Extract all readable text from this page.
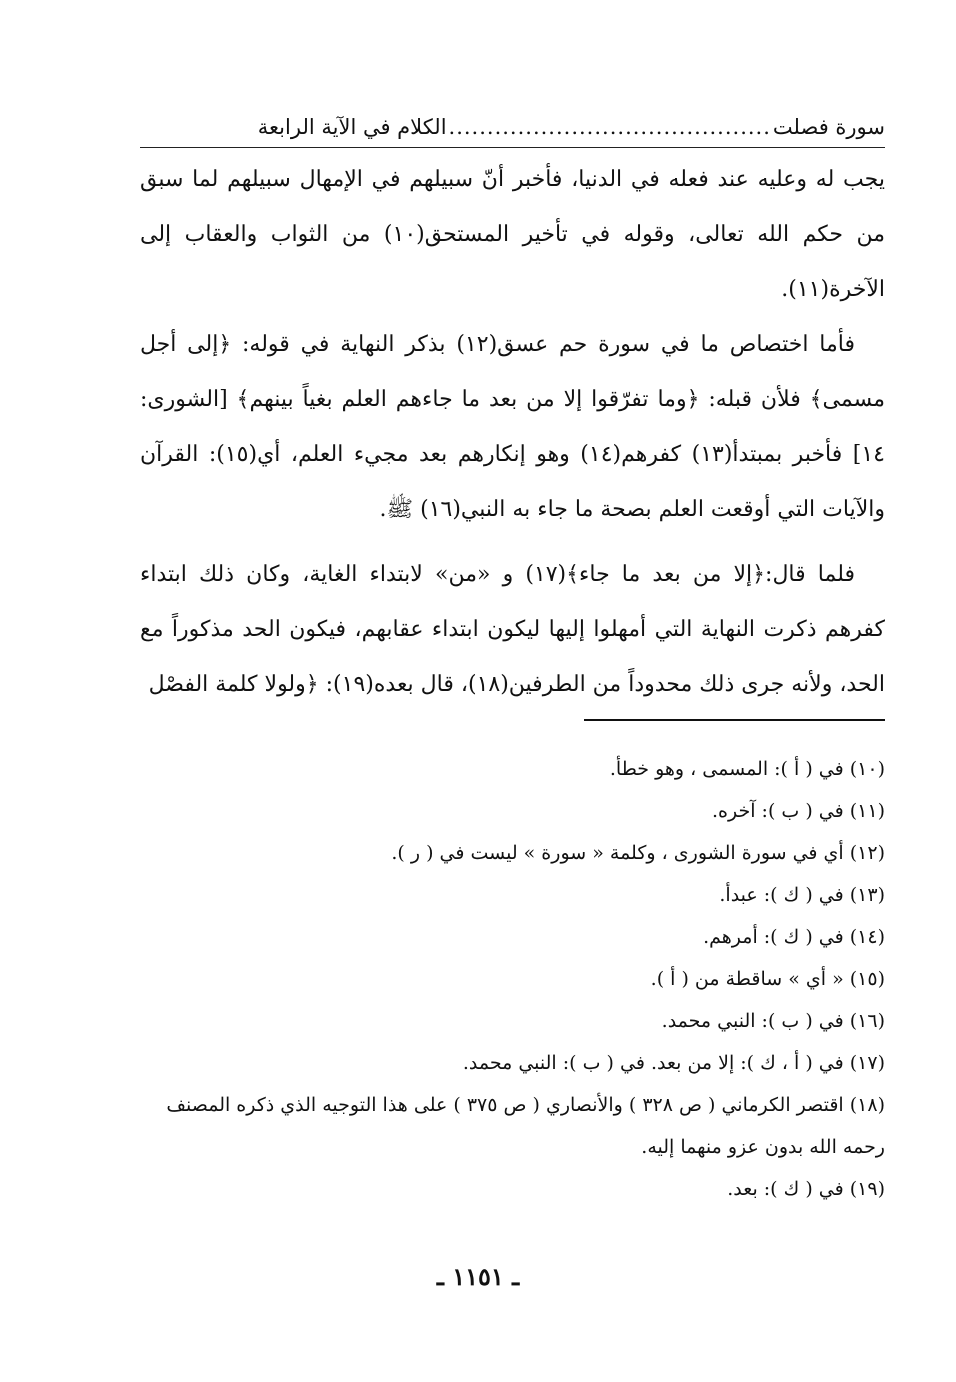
سورة فصلت
..........................................
الكلام في الآية الرابعة

يجب له وعليه عند فعله في الدنيا، فأخبر أنّ سبيلهم في الإمهال سبيلهم لما سبق من حكم الله تعالى، وقوله في تأخير المستحق(١٠) من الثواب والعقاب إلى الآخرة(١١).

فأما اختصاص ما في سورة حم عسق(١٢) بذكر النهاية في قوله: ﴿إلى أجل مسمى﴾ فلأن قبله: ﴿وما تفرّقوا إلا من بعد ما جاءهم العلم بغياً بينهم﴾ [الشورى: ١٤] فأخبر بمبتدأ(١٣) كفرهم(١٤) وهو إنكارهم بعد مجيء العلم، أي(١٥): القرآن والآيات التي أوقعت العلم بصحة ما جاء به النبي(١٦) ﷺ.

فلما قال:﴿إلا من بعد ما جاء﴾(١٧) و «من» لابتداء الغاية، وكان ذلك ابتداء كفرهم ذكرت النهاية التي أمهلوا إليها ليكون ابتداء عقابهم، فيكون الحد مذكوراً مع الحد، ولأنه جرى ذلك محدوداً من الطرفين(١٨)، قال بعده(١٩): ﴿ولولا كلمة الفصْل

(١٠) في ( أ ): المسمى ، وهو خطأ.

(١١) في ( ب ): آخره.

(١٢) أي في سورة الشورى ، وكلمة « سورة » ليست في ( ر ).

(١٣) في ( ك ): عبدأ.

(١٤) في ( ك ): أمرهم.

(١٥) « أي » ساقطة من ( أ ).

(١٦) في ( ب ): النبي محمد.

(١٧) في ( أ ، ك ): إلا من بعد. في ( ب ): النبي محمد.

(١٨) اقتصر الكرماني ( ص ٣٢٨ ) والأنصاري ( ص ٣٧٥ ) على هذا التوجيه الذي ذكره المصنف رحمه الله بدون عزو منهما إليه.

(١٩) في ( ك ): بعد.

ـ ١١٥١ ـ
